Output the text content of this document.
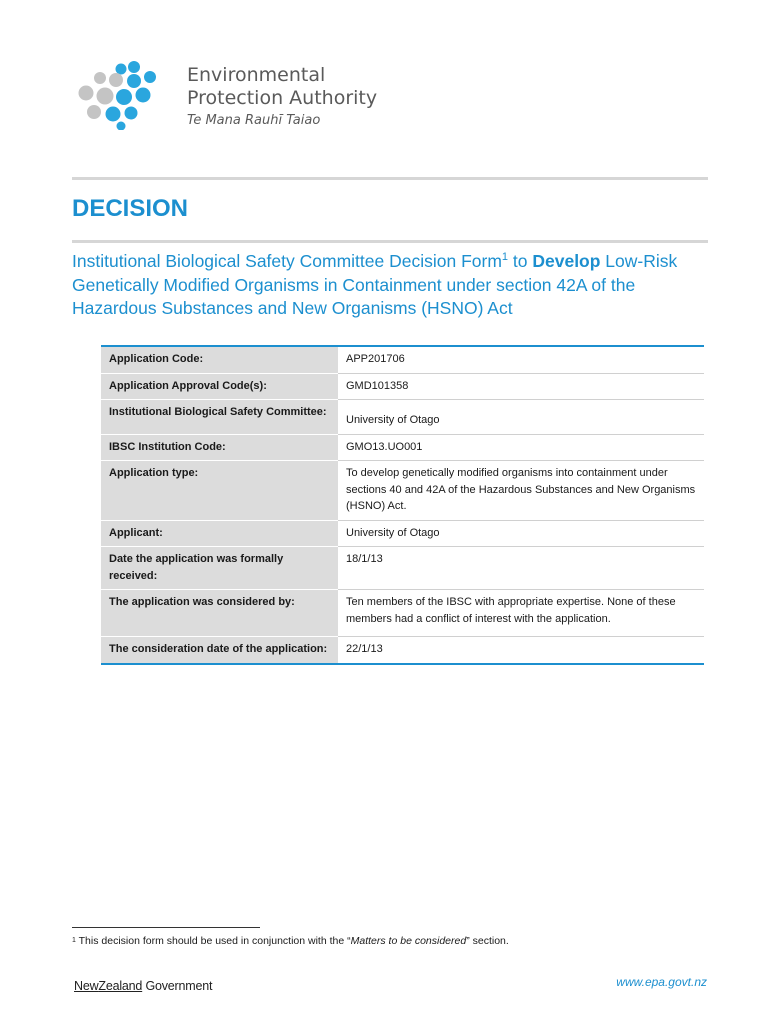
Environmental
Protection Authority
Te Mana Rauhī Taiao
DECISION
Institutional Biological Safety Committee Decision Form$^1$ to Develop Low-Risk Genetically Modified Organisms in Containment under section 42A of the Hazardous Substances and New Organisms (HSNO) Act
Application Code:	APP201706
Application Approval Code(s):	GMD101358
Institutional Biological Safety Committee:	University of Otago
IBSC Institution Code:	GMO13.UO001
Application type:	To develop genetically modified organisms into containment under sections 40 and 42A of the Hazardous Substances and New Organisms (HSNO) Act.
Applicant:	University of Otago
Date the application was formally received:	18/1/13
The application was considered by:	Ten members of the IBSC with appropriate expertise. None of these members had a conflict of interest with the application.
The consideration date of the application:	22/1/13
$^1$ This decision form should be used in conjunction with the “Matters to be considered” section.
NewZealand Government	www.epa.govt.nz
